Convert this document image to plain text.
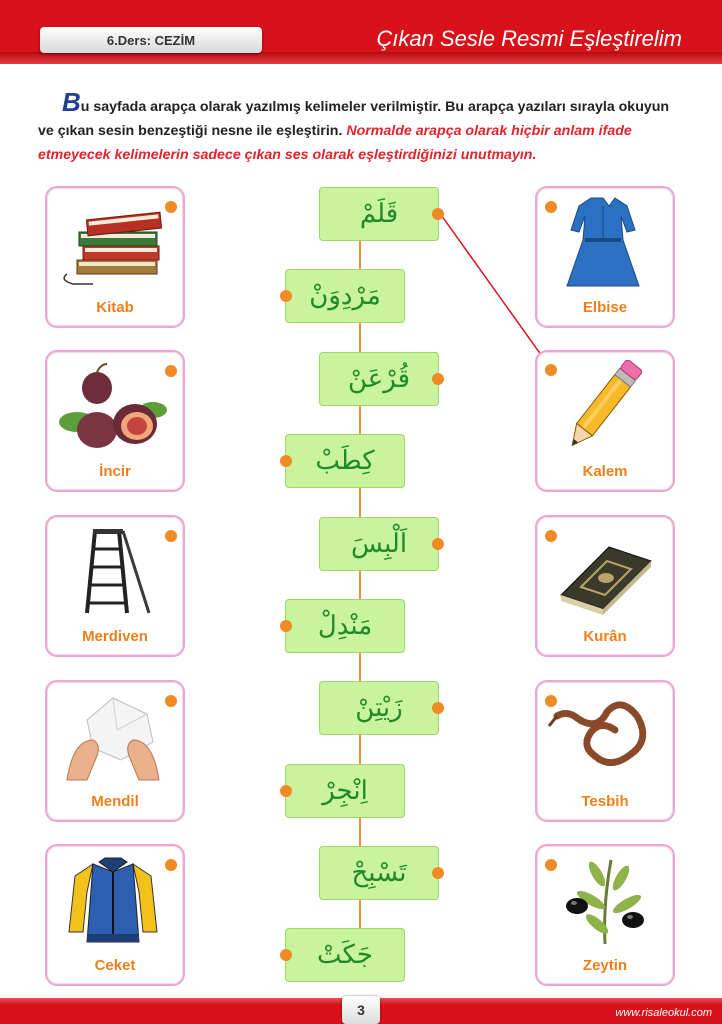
6.Ders: CEZİM	Çıkan Sesle Resmi Eşleştirelim
Bu sayfada arapça olarak yazılmış kelimeler verilmiştir. Bu arapça yazıları sırayla okuyun ve çıkan sesin benzeştiği nesne ile eşleştirin. Normalde arapça olarak hiçbir anlam ifade etmeyecek kelimelerin sadece çıkan ses olarak eşleştirdiğinizi unutmayın.
Kitab
İncir
Merdiven
Mendil
Ceket
Elbise
Kalem
Kurân
Tesbih
Zeytin
قَلَمْ
مَرْدِوَنْ
قُرْعَنْ
كِطَبْ
اَلْبِسَ
مَنْدِلْ
زَيْتِنْ
اِنْجِرْ
تَسْبِحْ
جَكَتْ
3	www.risaleokul.com
